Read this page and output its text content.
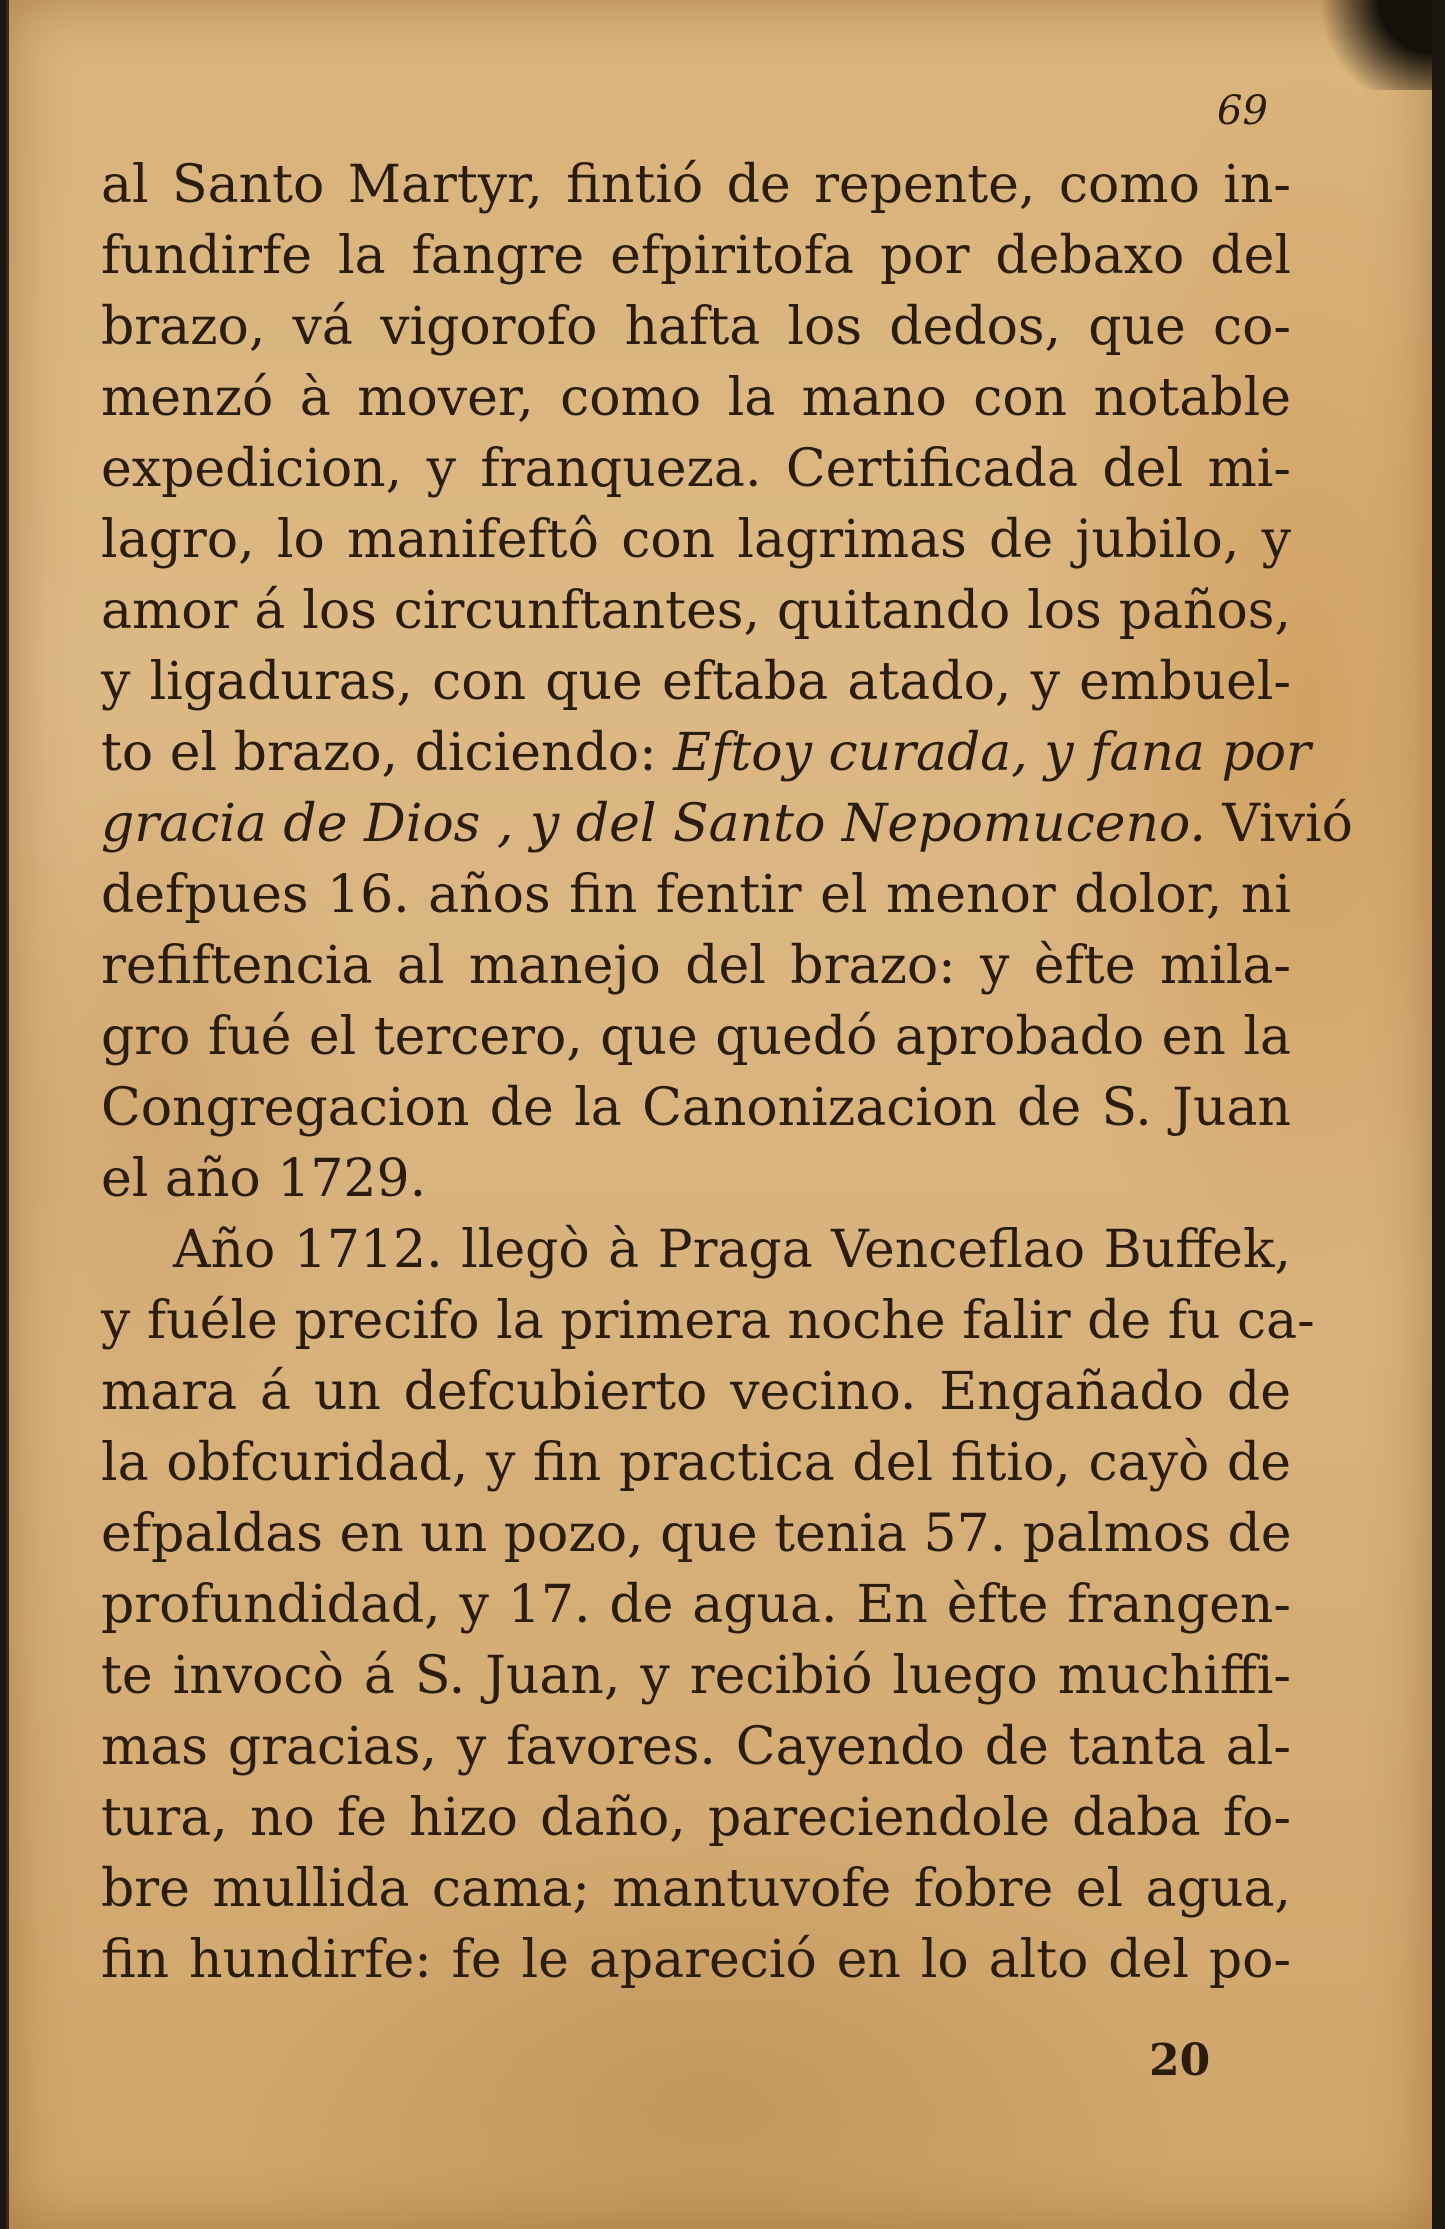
69
al Santo Martyr, fintió de repente, como in-
fundirfe la fangre efpiritofa por debaxo del
brazo, vá vigorofo hafta los dedos, que co-
menzó à mover, como la mano con notable
expedicion, y franqueza. Certificada del mi-
lagro, lo manifeftô con lagrimas de jubilo, y
amor á los circunftantes, quitando los paños,
y ligaduras, con que eftaba atado, y embuel-
to el brazo, diciendo: Eftoy curada, y fana por
gracia de Dios , y del Santo Nepomuceno. Vivió
defpues 16. años fin fentir el menor dolor, ni
refiftencia al manejo del brazo: y èfte mila-
gro fué el tercero, que quedó aprobado en la
Congregacion de la Canonizacion de S. Juan
el año 1729.
Año 1712. llegò à Praga Venceflao Buffek,
y fuéle precifo la primera noche falir de fu ca-
mara á un defcubierto vecino. Engañado de
la obfcuridad, y fin practica del fitio, cayò de
efpaldas en un pozo, que tenia 57. palmos de
profundidad, y 17. de agua. En èfte frangen-
te invocò á S. Juan, y recibió luego muchiffi-
mas gracias, y favores. Cayendo de tanta al-
tura, no fe hizo daño, pareciendole daba fo-
bre mullida cama; mantuvofe fobre el agua,
fin hundirfe: fe le apareció en lo alto del po-
20
